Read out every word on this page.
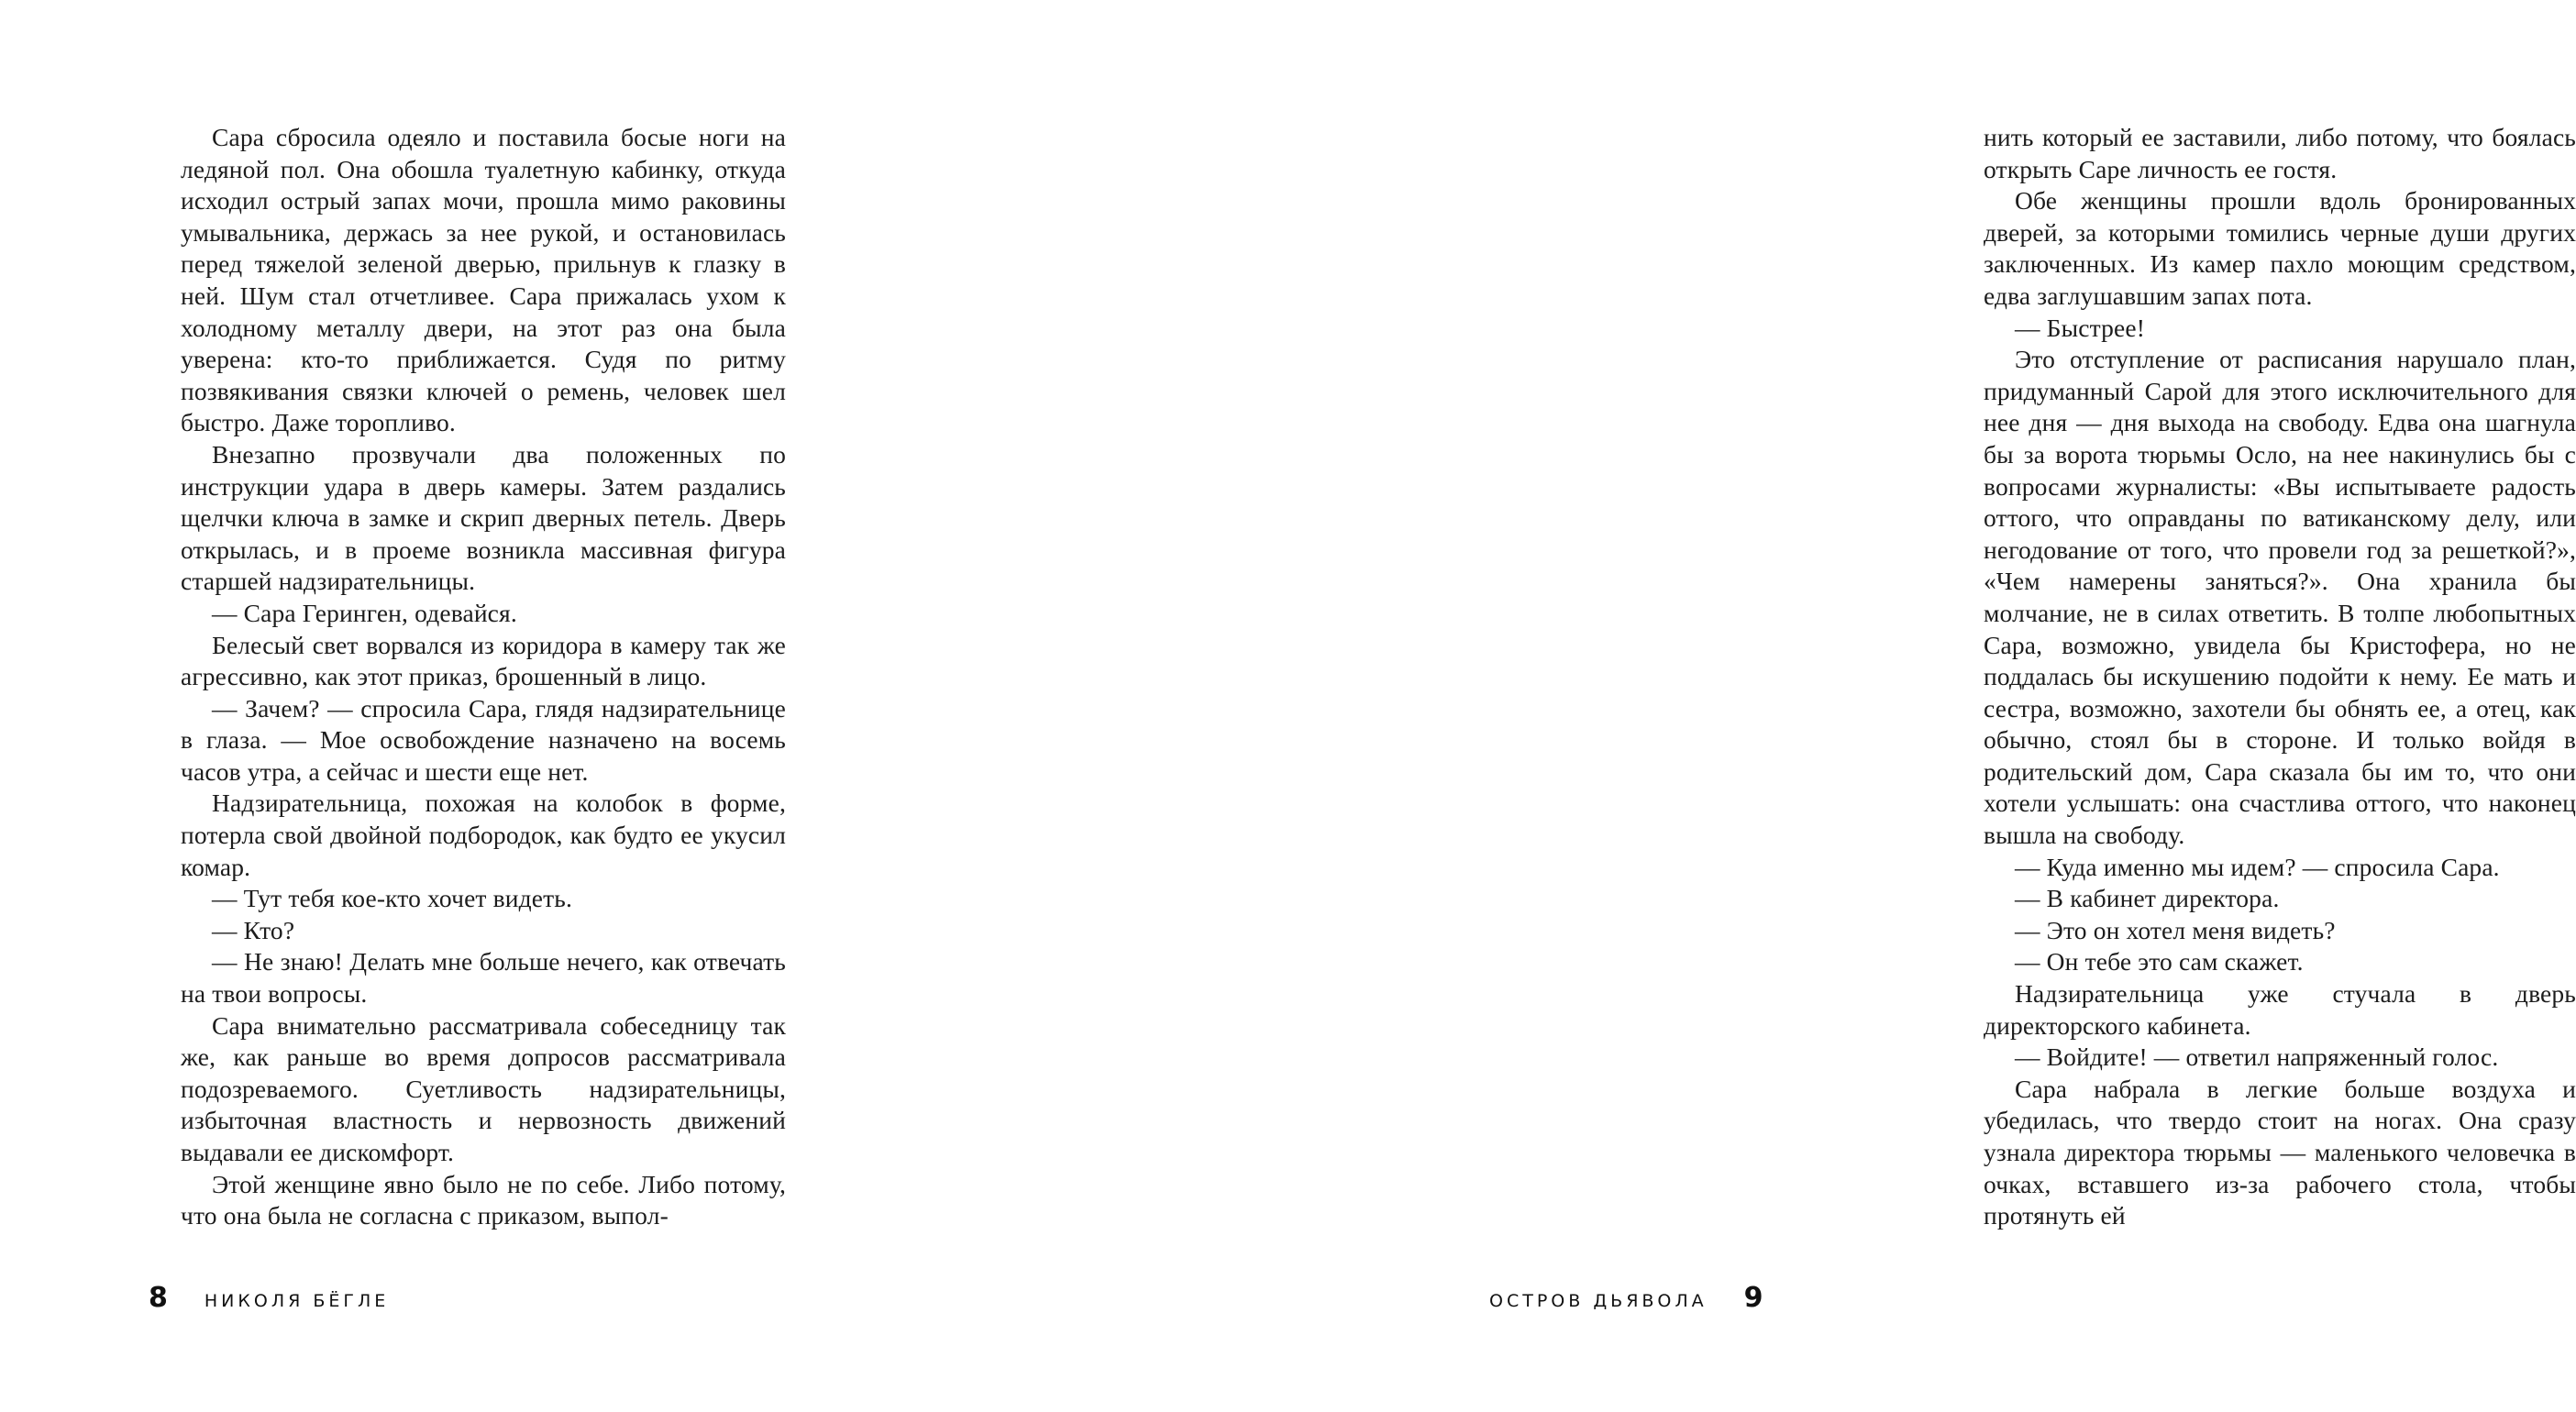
Сара сбросила одеяло и поставила босые ноги на ледяной пол. Она обошла туалетную кабинку, откуда исходил острый запах мочи, прошла мимо раковины умывальника, держась за нее рукой, и остановилась перед тяжелой зеленой дверью, прильнув к глазку в ней. Шум стал отчетливее. Сара прижалась ухом к холодному металлу двери, на этот раз она была уверена: кто-то приближается. Судя по ритму позвякивания связки ключей о ремень, человек шел быстро. Даже торопливо.

Внезапно прозвучали два положенных по инструкции удара в дверь камеры. Затем раздались щелчки ключа в замке и скрип дверных петель. Дверь открылась, и в проеме возникла массивная фигура старшей надзирательницы.

— Сара Геринген, одевайся.

Белесый свет ворвался из коридора в камеру так же агрессивно, как этот приказ, брошенный в лицо.

— Зачем? — спросила Сара, глядя надзирательнице в глаза. — Мое освобождение назначено на восемь часов утра, а сейчас и шести еще нет.

Надзирательница, похожая на колобок в форме, потерла свой двойной подбородок, как будто ее укусил комар.

— Тут тебя кое-кто хочет видеть.

— Кто?

— Не знаю! Делать мне больше нечего, как отвечать на твои вопросы.

Сара внимательно рассматривала собеседницу так же, как раньше во время допросов рассматривала подозреваемого. Суетливость надзирательницы, избыточная властность и нервозность движений выдавали ее дискомфорт.

Этой женщине явно было не по себе. Либо потому, что она была не согласна с приказом, выпол-

8 НИКОЛЯ БЁГЛЕ

нить который ее заставили, либо потому, что боялась открыть Саре личность ее гостя.

Обе женщины прошли вдоль бронированных дверей, за которыми томились черные души других заключенных. Из камер пахло моющим средством, едва заглушавшим запах пота.

— Быстрее!

Это отступление от расписания нарушало план, придуманный Сарой для этого исключительного для нее дня — дня выхода на свободу. Едва она шагнула бы за ворота тюрьмы Осло, на нее накинулись бы с вопросами журналисты: «Вы испытываете радость оттого, что оправданы по ватиканскому делу, или негодование от того, что провели год за решеткой?», «Чем намерены заняться?». Она хранила бы молчание, не в силах ответить. В толпе любопытных Сара, возможно, увидела бы Кристофера, но не поддалась бы искушению подойти к нему. Ее мать и сестра, возможно, захотели бы обнять ее, а отец, как обычно, стоял бы в стороне. И только войдя в родительский дом, Сара сказала бы им то, что они хотели услышать: она счастлива оттого, что наконец вышла на свободу.

— Куда именно мы идем? — спросила Сара.

— В кабинет директора.

— Это он хотел меня видеть?

— Он тебе это сам скажет.

Надзирательница уже стучала в дверь директорского кабинета.

— Войдите! — ответил напряженный голос.

Сара набрала в легкие больше воздуха и убедилась, что твердо стоит на ногах. Она сразу узнала директора тюрьмы — маленького человечка в очках, вставшего из-за рабочего стола, чтобы протянуть ей

ОСТРОВ ДЬЯВОЛА 9
